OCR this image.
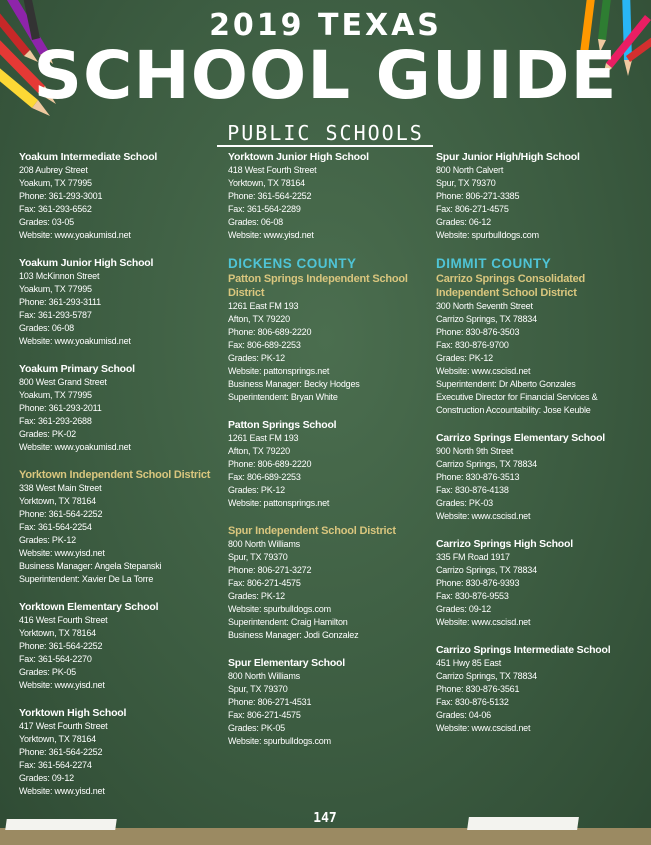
2019 TEXAS
SCHOOL GUIDE
PUBLIC SCHOOLS
Yoakum Intermediate School
208 Aubrey Street
Yoakum, TX 77995
Phone: 361-293-3001
Fax: 361-293-6562
Grades: 03-05
Website: www.yoakumisd.net
Yoakum Junior High School
103 McKinnon Street
Yoakum, TX 77995
Phone: 361-293-3111
Fax: 361-293-5787
Grades: 06-08
Website: www.yoakumisd.net
Yoakum Primary School
800 West Grand Street
Yoakum, TX 77995
Phone: 361-293-2011
Fax: 361-293-2688
Grades: PK-02
Website: www.yoakumisd.net
Yorktown Independent School District
338 West Main Street
Yorktown, TX 78164
Phone: 361-564-2252
Fax: 361-564-2254
Grades: PK-12
Website: www.yisd.net
Business Manager: Angela Stepanski
Superintendent: Xavier De La Torre
Yorktown Elementary School
416 West Fourth Street
Yorktown, TX 78164
Phone: 361-564-2252
Fax: 361-564-2270
Grades: PK-05
Website: www.yisd.net
Yorktown High School
417 West Fourth Street
Yorktown, TX 78164
Phone: 361-564-2252
Fax: 361-564-2274
Grades: 09-12
Website: www.yisd.net
Yorktown Junior High School
418 West Fourth Street
Yorktown, TX 78164
Phone: 361-564-2252
Fax: 361-564-2289
Grades: 06-08
Website: www.yisd.net
DICKENS COUNTY
Patton Springs Independent School District
1261 East FM 193
Afton, TX 79220
Phone: 806-689-2220
Fax: 806-689-2253
Grades: PK-12
Website: pattonsprings.net
Business Manager: Becky Hodges
Superintendent: Bryan White
Patton Springs School
1261 East FM 193
Afton, TX 79220
Phone: 806-689-2220
Fax: 806-689-2253
Grades: PK-12
Website: pattonsprings.net
Spur Independent School District
800 North Williams
Spur, TX 79370
Phone: 806-271-3272
Fax: 806-271-4575
Grades: PK-12
Website: spurbulldogs.com
Superintendent: Craig Hamilton
Business Manager: Jodi Gonzalez
Spur Elementary School
800 North Williams
Spur, TX 79370
Phone: 806-271-4531
Fax: 806-271-4575
Grades: PK-05
Website: spurbulldogs.com
Spur Junior High/High School
800 North Calvert
Spur, TX 79370
Phone: 806-271-3385
Fax: 806-271-4575
Grades: 06-12
Website: spurbulldogs.com
DIMMIT COUNTY
Carrizo Springs Consolidated Independent School District
300 North Seventh Street
Carrizo Springs, TX 78834
Phone: 830-876-3503
Fax: 830-876-9700
Grades: PK-12
Website: www.cscisd.net
Superintendent: Dr Alberto Gonzales
Executive Director for Financial Services &
Construction Accountability: Jose Keuble
Carrizo Springs Elementary School
900 North 9th Street
Carrizo Springs, TX 78834
Phone: 830-876-3513
Fax: 830-876-4138
Grades: PK-03
Website: www.cscisd.net
Carrizo Springs High School
335 FM Road 1917
Carrizo Springs, TX 78834
Phone: 830-876-9393
Fax: 830-876-9553
Grades: 09-12
Website: www.cscisd.net
Carrizo Springs Intermediate School
451 Hwy 85 East
Carrizo Springs, TX 78834
Phone: 830-876-3561
Fax: 830-876-5132
Grades: 04-06
Website: www.cscisd.net
147
